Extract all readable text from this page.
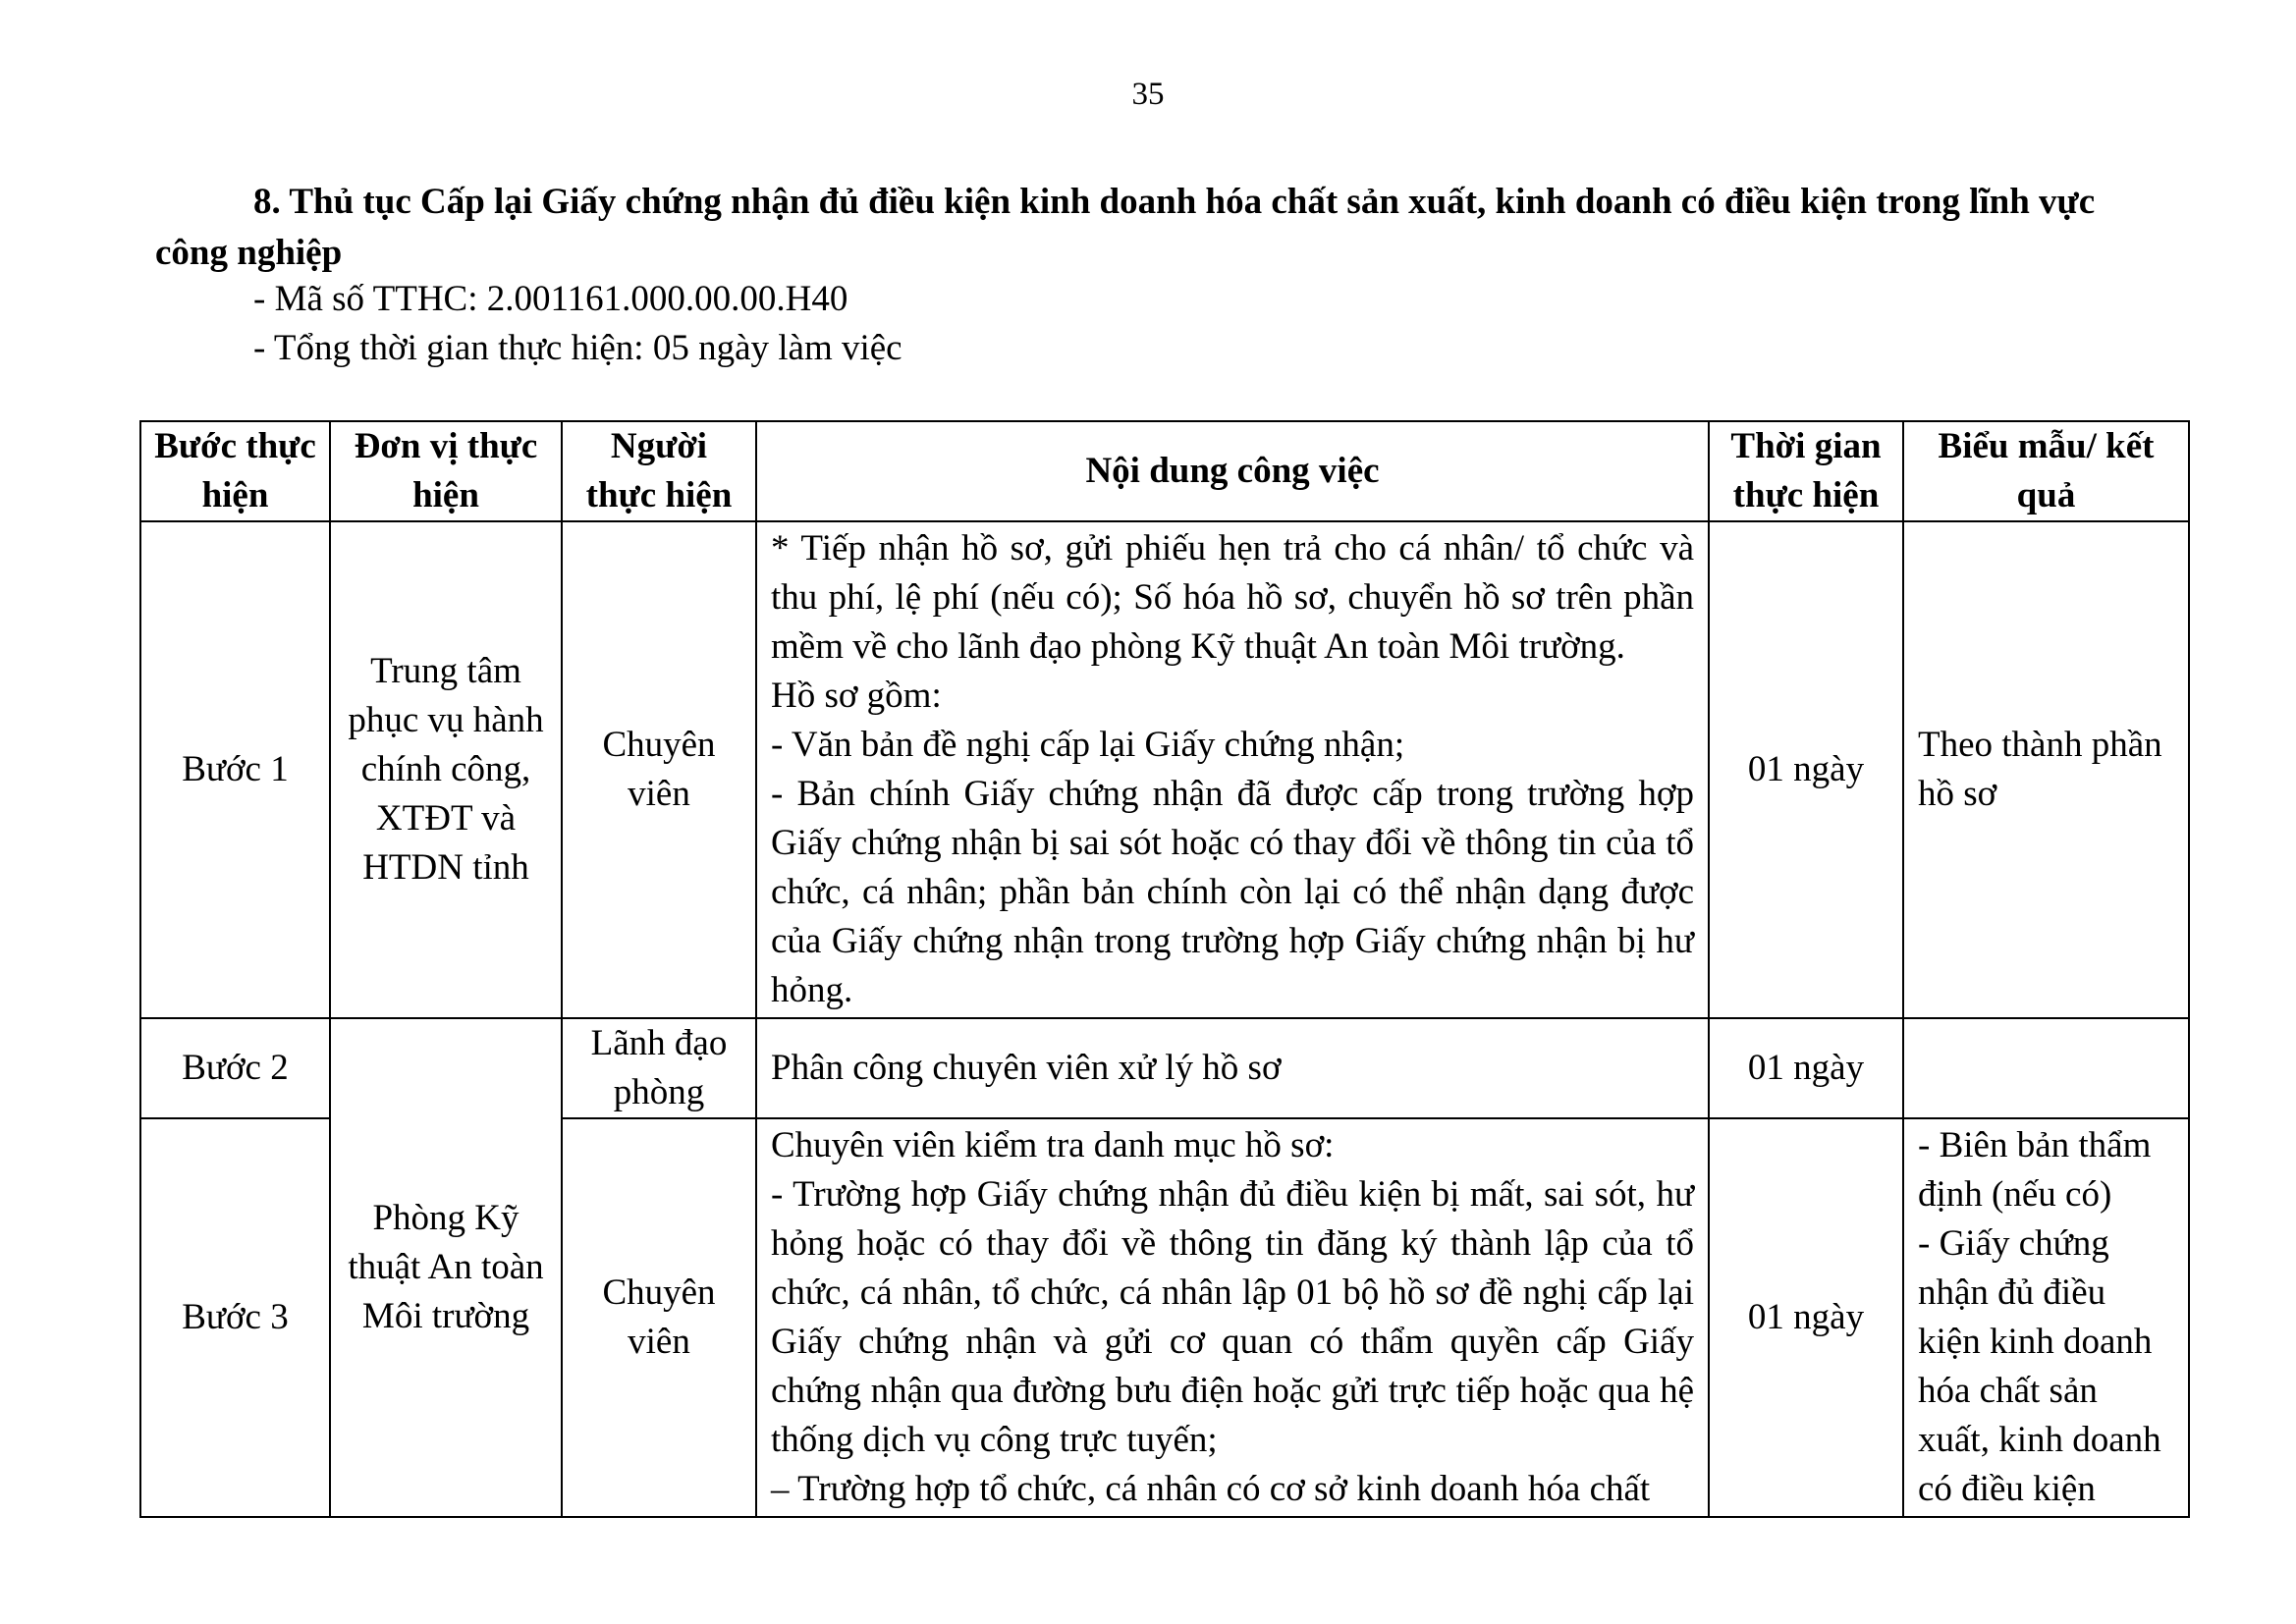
35
8. Thủ tục Cấp lại Giấy chứng nhận đủ điều kiện kinh doanh hóa chất sản xuất, kinh doanh có điều kiện trong lĩnh vực công nghiệp
- Mã số TTHC: 2.001161.000.00.00.H40
- Tổng thời gian thực hiện: 05 ngày làm việc
Bước thực hiện	Đơn vị thực hiện	Người thực hiện	Nội dung công việc	Thời gian thực hiện	Biểu mẫu/ kết quả
Bước 1	Trung tâm phục vụ hành chính công, XTĐT và HTDN tỉnh	Chuyên viên	* Tiếp nhận hồ sơ, gửi phiếu hẹn trả cho cá nhân/ tổ chức và thu phí, lệ phí (nếu có); Số hóa hồ sơ, chuyển hồ sơ trên phần mềm về cho lãnh đạo phòng Kỹ thuật An toàn Môi trường.
Hồ sơ gồm:
- Văn bản đề nghị cấp lại Giấy chứng nhận;
- Bản chính Giấy chứng nhận đã được cấp trong trường hợp Giấy chứng nhận bị sai sót hoặc có thay đổi về thông tin của tổ chức, cá nhân; phần bản chính còn lại có thể nhận dạng được của Giấy chứng nhận trong trường hợp Giấy chứng nhận bị hư hỏng.	01 ngày	Theo thành phần hồ sơ
Bước 2	Phòng Kỹ thuật An toàn Môi trường	Lãnh đạo phòng	Phân công chuyên viên xử lý hồ sơ	01 ngày	
Bước 3		Chuyên viên	Chuyên viên kiểm tra danh mục hồ sơ:
- Trường hợp Giấy chứng nhận đủ điều kiện bị mất, sai sót, hư hỏng hoặc có thay đổi về thông tin đăng ký thành lập của tổ chức, cá nhân, tổ chức, cá nhân lập 01 bộ hồ sơ đề nghị cấp lại Giấy chứng nhận và gửi cơ quan có thẩm quyền cấp Giấy chứng nhận qua đường bưu điện hoặc gửi trực tiếp hoặc qua hệ thống dịch vụ công trực tuyến;
– Trường hợp tổ chức, cá nhân có cơ sở kinh doanh hóa chất	01 ngày	- Biên bản thẩm định (nếu có)
- Giấy chứng nhận đủ điều kiện kinh doanh hóa chất sản xuất, kinh doanh có điều kiện
